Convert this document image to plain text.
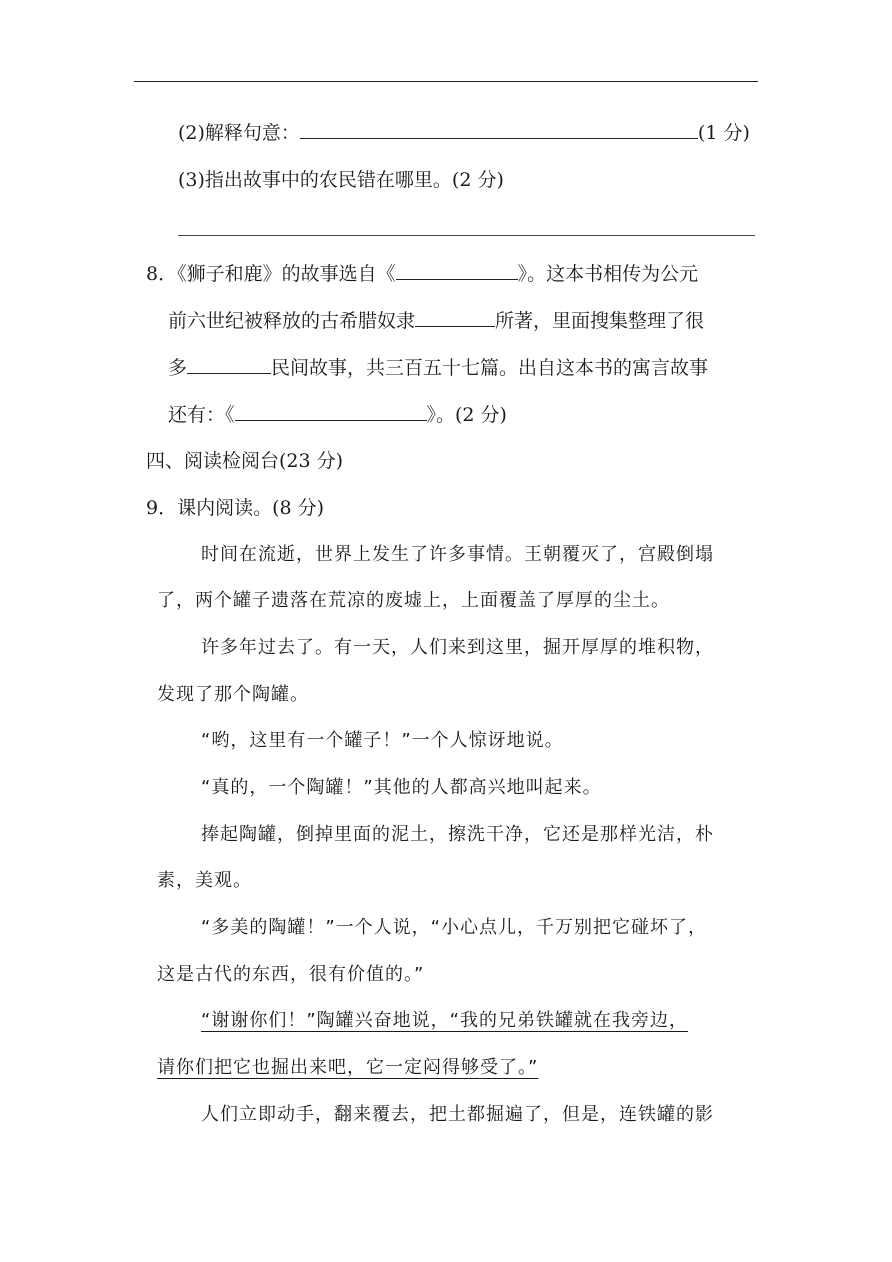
(2)解释句意：	(1 分)
(3)指出故事中的农民错在哪里。(2 分)
8．《狮子和鹿》的故事选自《	》。这本书相传为公元
前六世纪被释放的古希腊奴隶	所著，里面搜集整理了很
多	民间故事，共三百五十七篇。出自这本书的寓言故事
还有：《	》。(2 分)
四、阅读检阅台(23 分)
9．课内阅读。(8 分)
时间在流逝，世界上发生了许多事情。王朝覆灭了，宫殿倒塌
了，两个罐子遗落在荒凉的废墟上，上面覆盖了厚厚的尘土。
许多年过去了。有一天，人们来到这里，掘开厚厚的堆积物，
发现了那个陶罐。
“哟，这里有一个罐子！”一个人惊讶地说。
“真的，一个陶罐！”其他的人都高兴地叫起来。
捧起陶罐，倒掉里面的泥土，擦洗干净，它还是那样光洁，朴
素，美观。
“多美的陶罐！”一个人说，“小心点儿，千万别把它碰坏了，
这是古代的东西，很有价值的。”
“谢谢你们！”陶罐兴奋地说，“我的兄弟铁罐就在我旁边，
请你们把它也掘出来吧，它一定闷得够受了。”
人们立即动手，翻来覆去，把土都掘遍了，但是，连铁罐的影
